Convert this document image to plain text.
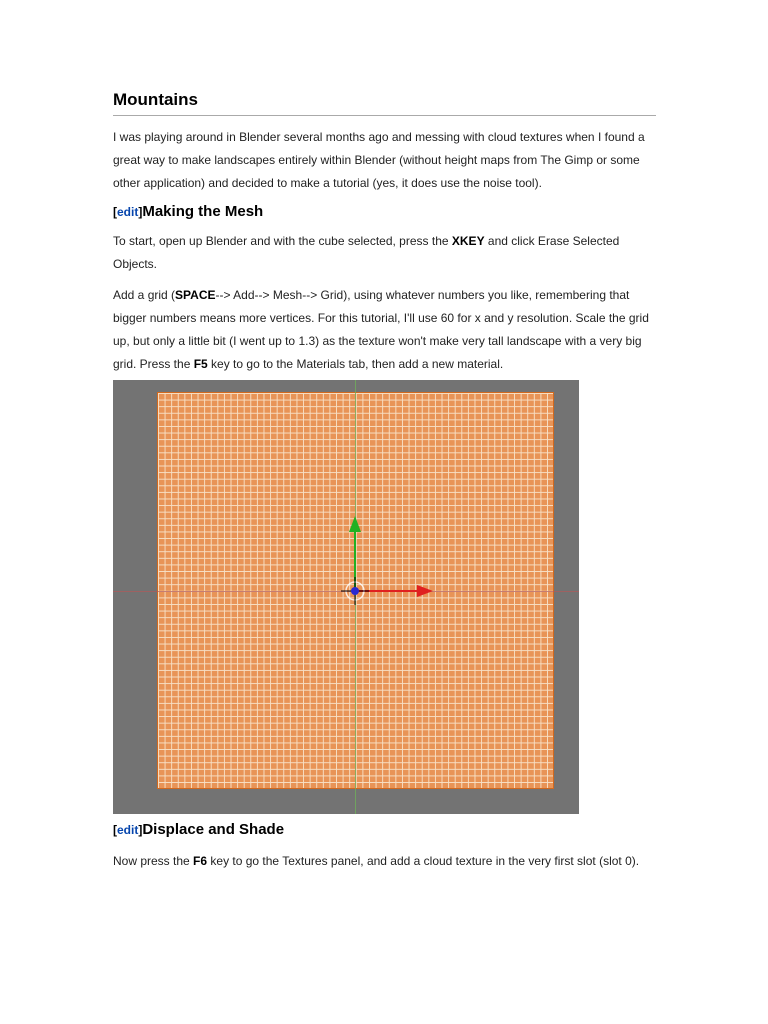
Mountains

I was playing around in Blender several months ago and messing with cloud textures when I found a great way to make landscapes entirely within Blender (without height maps from The Gimp or some other application) and decided to make a tutorial (yes, it does use the noise tool).

[edit]Making the Mesh

To start, open up Blender and with the cube selected, press the XKEY and click Erase Selected Objects.

Add a grid (SPACE--> Add--> Mesh--> Grid), using whatever numbers you like, remembering that bigger numbers means more vertices. For this tutorial, I'll use 60 for x and y resolution. Scale the grid up, but only a little bit (I went up to 1.3) as the texture won't make very tall landscape with a very big grid. Press the F5 key to go to the Materials tab, then add a new material.

[edit]Displace and Shade

Now press the F6 key to go the Textures panel, and add a cloud texture in the very first slot (slot 0).
